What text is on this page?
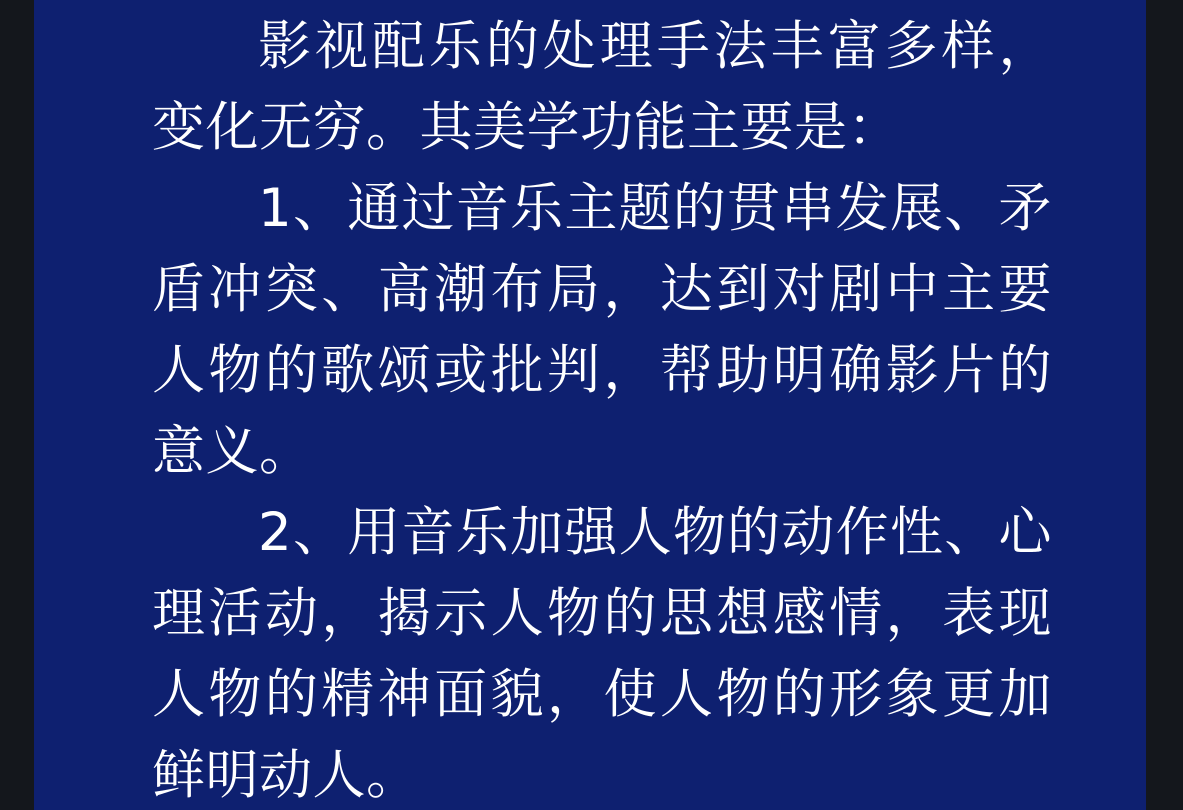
影视配乐的处理手法丰富多样，变化无穷。其美学功能主要是：

1、通过音乐主题的贯串发展、矛盾冲突、高潮布局，达到对剧中主要人物的歌颂或批判，帮助明确影片的意义。

2、用音乐加强人物的动作性、心理活动，揭示人物的思想感情，表现人物的精神面貌，使人物的形象更加鲜明动人。
